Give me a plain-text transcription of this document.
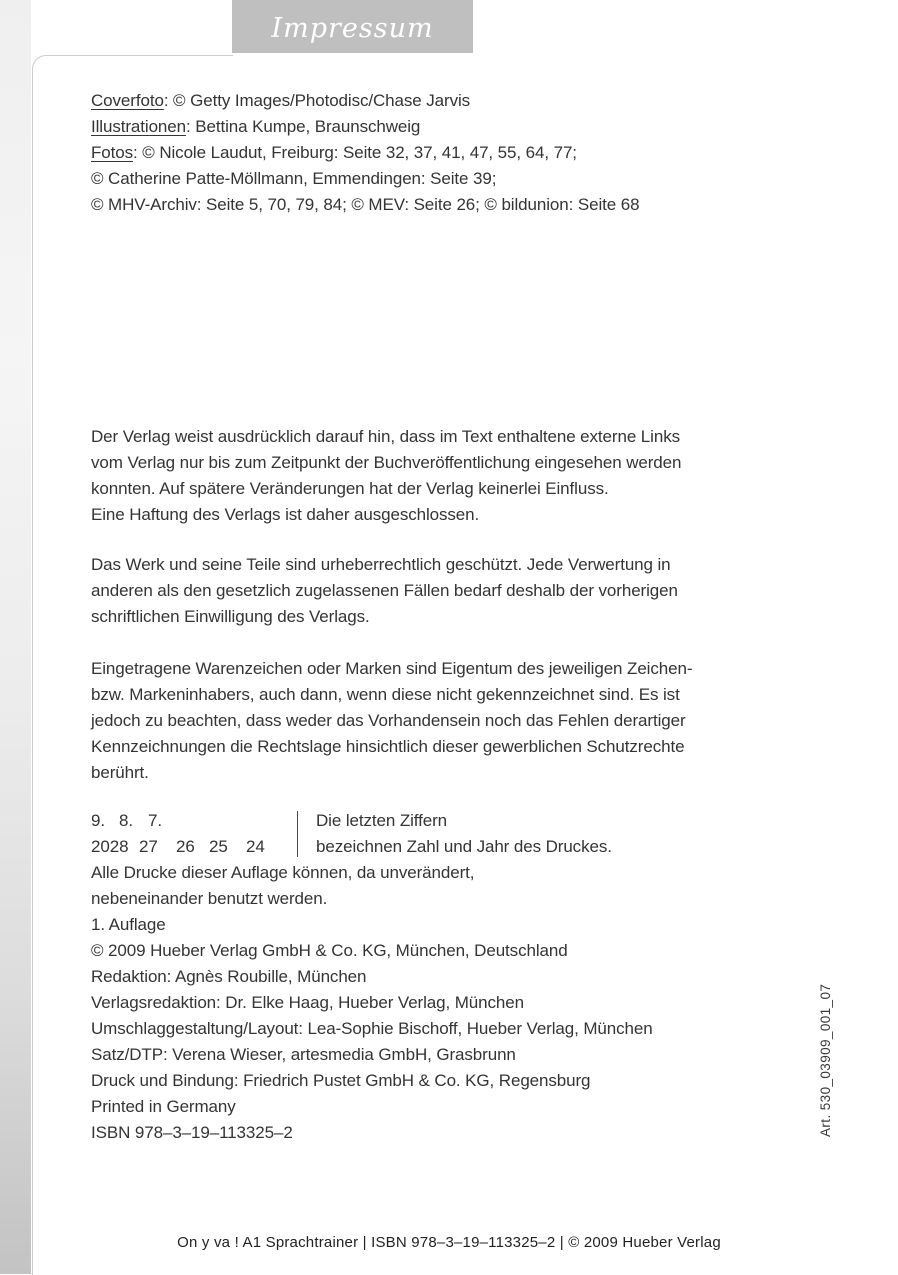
Impressum
Coverfoto: © Getty Images/Photodisc/Chase Jarvis
Illustrationen: Bettina Kumpe, Braunschweig
Fotos: © Nicole Laudut, Freiburg: Seite 32, 37, 41, 47, 55, 64, 77;
© Catherine Patte-Möllmann, Emmendingen: Seite 39;
© MHV-Archiv: Seite 5, 70, 79, 84; © MEV: Seite 26; © bildunion: Seite 68
Der Verlag weist ausdrücklich darauf hin, dass im Text enthaltene externe Links
vom Verlag nur bis zum Zeitpunkt der Buchveröffentlichung eingesehen werden
konnten. Auf spätere Veränderungen hat der Verlag keinerlei Einfluss.
Eine Haftung des Verlags ist daher ausgeschlossen.
Das Werk und seine Teile sind urheberrechtlich geschützt. Jede Verwertung in
anderen als den gesetzlich zugelassenen Fällen bedarf deshalb der vorherigen
schriftlichen Einwilligung des Verlags.
Eingetragene Warenzeichen oder Marken sind Eigentum des jeweiligen Zeichen-
bzw. Markeninhabers, auch dann, wenn diese nicht gekennzeichnet sind. Es ist
jedoch zu beachten, dass weder das Vorhandensein noch das Fehlen derartiger
Kennzeichnungen die Rechtslage hinsichtlich dieser gewerblichen Schutzrechte
berührt.
9. 8. 7.
2028 27 26 25 24
Die letzten Ziffern
bezeichnen Zahl und Jahr des Druckes.
Alle Drucke dieser Auflage können, da unverändert,
nebeneinander benutzt werden.
1. Auflage
© 2009 Hueber Verlag GmbH & Co. KG, München, Deutschland
Redaktion: Agnès Roubille, München
Verlagsredaktion: Dr. Elke Haag, Hueber Verlag, München
Umschlaggestaltung/Layout: Lea-Sophie Bischoff, Hueber Verlag, München
Satz/DTP: Verena Wieser, artesmedia GmbH, Grasbrunn
Druck und Bindung: Friedrich Pustet GmbH & Co. KG, Regensburg
Printed in Germany
ISBN 978–3–19–113325–2	Art. 530_03909_001_07
On y va ! A1 Sprachtrainer | ISBN 978–3–19–113325–2 | © 2009 Hueber Verlag
